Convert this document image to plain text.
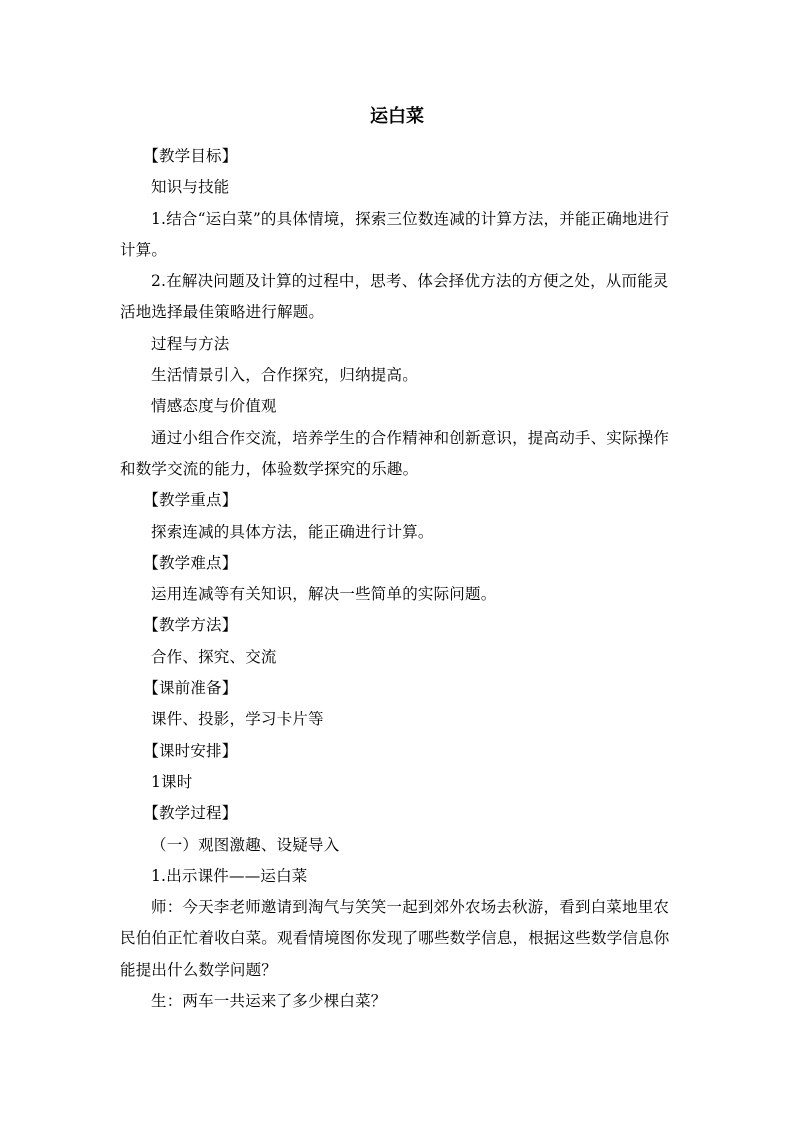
运白菜

【教学目标】

知识与技能

1.结合“运白菜”的具体情境，探索三位数连减的计算方法，并能正确地进行计算。

2.在解决问题及计算的过程中，思考、体会择优方法的方便之处，从而能灵活地选择最佳策略进行解题。

过程与方法

生活情景引入，合作探究，归纳提高。

情感态度与价值观

通过小组合作交流，培养学生的合作精神和创新意识，提高动手、实际操作和数学交流的能力，体验数学探究的乐趣。

【教学重点】

探索连减的具体方法，能正确进行计算。

【教学难点】

运用连减等有关知识，解决一些简单的实际问题。

【教学方法】

合作、探究、交流

【课前准备】

课件、投影，学习卡片等

【课时安排】

1课时

【教学过程】

（一）观图激趣、设疑导入

1.出示课件——运白菜

师：今天李老师邀请到淘气与笑笑一起到郊外农场去秋游，看到白菜地里农民伯伯正忙着收白菜。观看情境图你发现了哪些数学信息，根据这些数学信息你能提出什么数学问题？

生：两车一共运来了多少棵白菜？
